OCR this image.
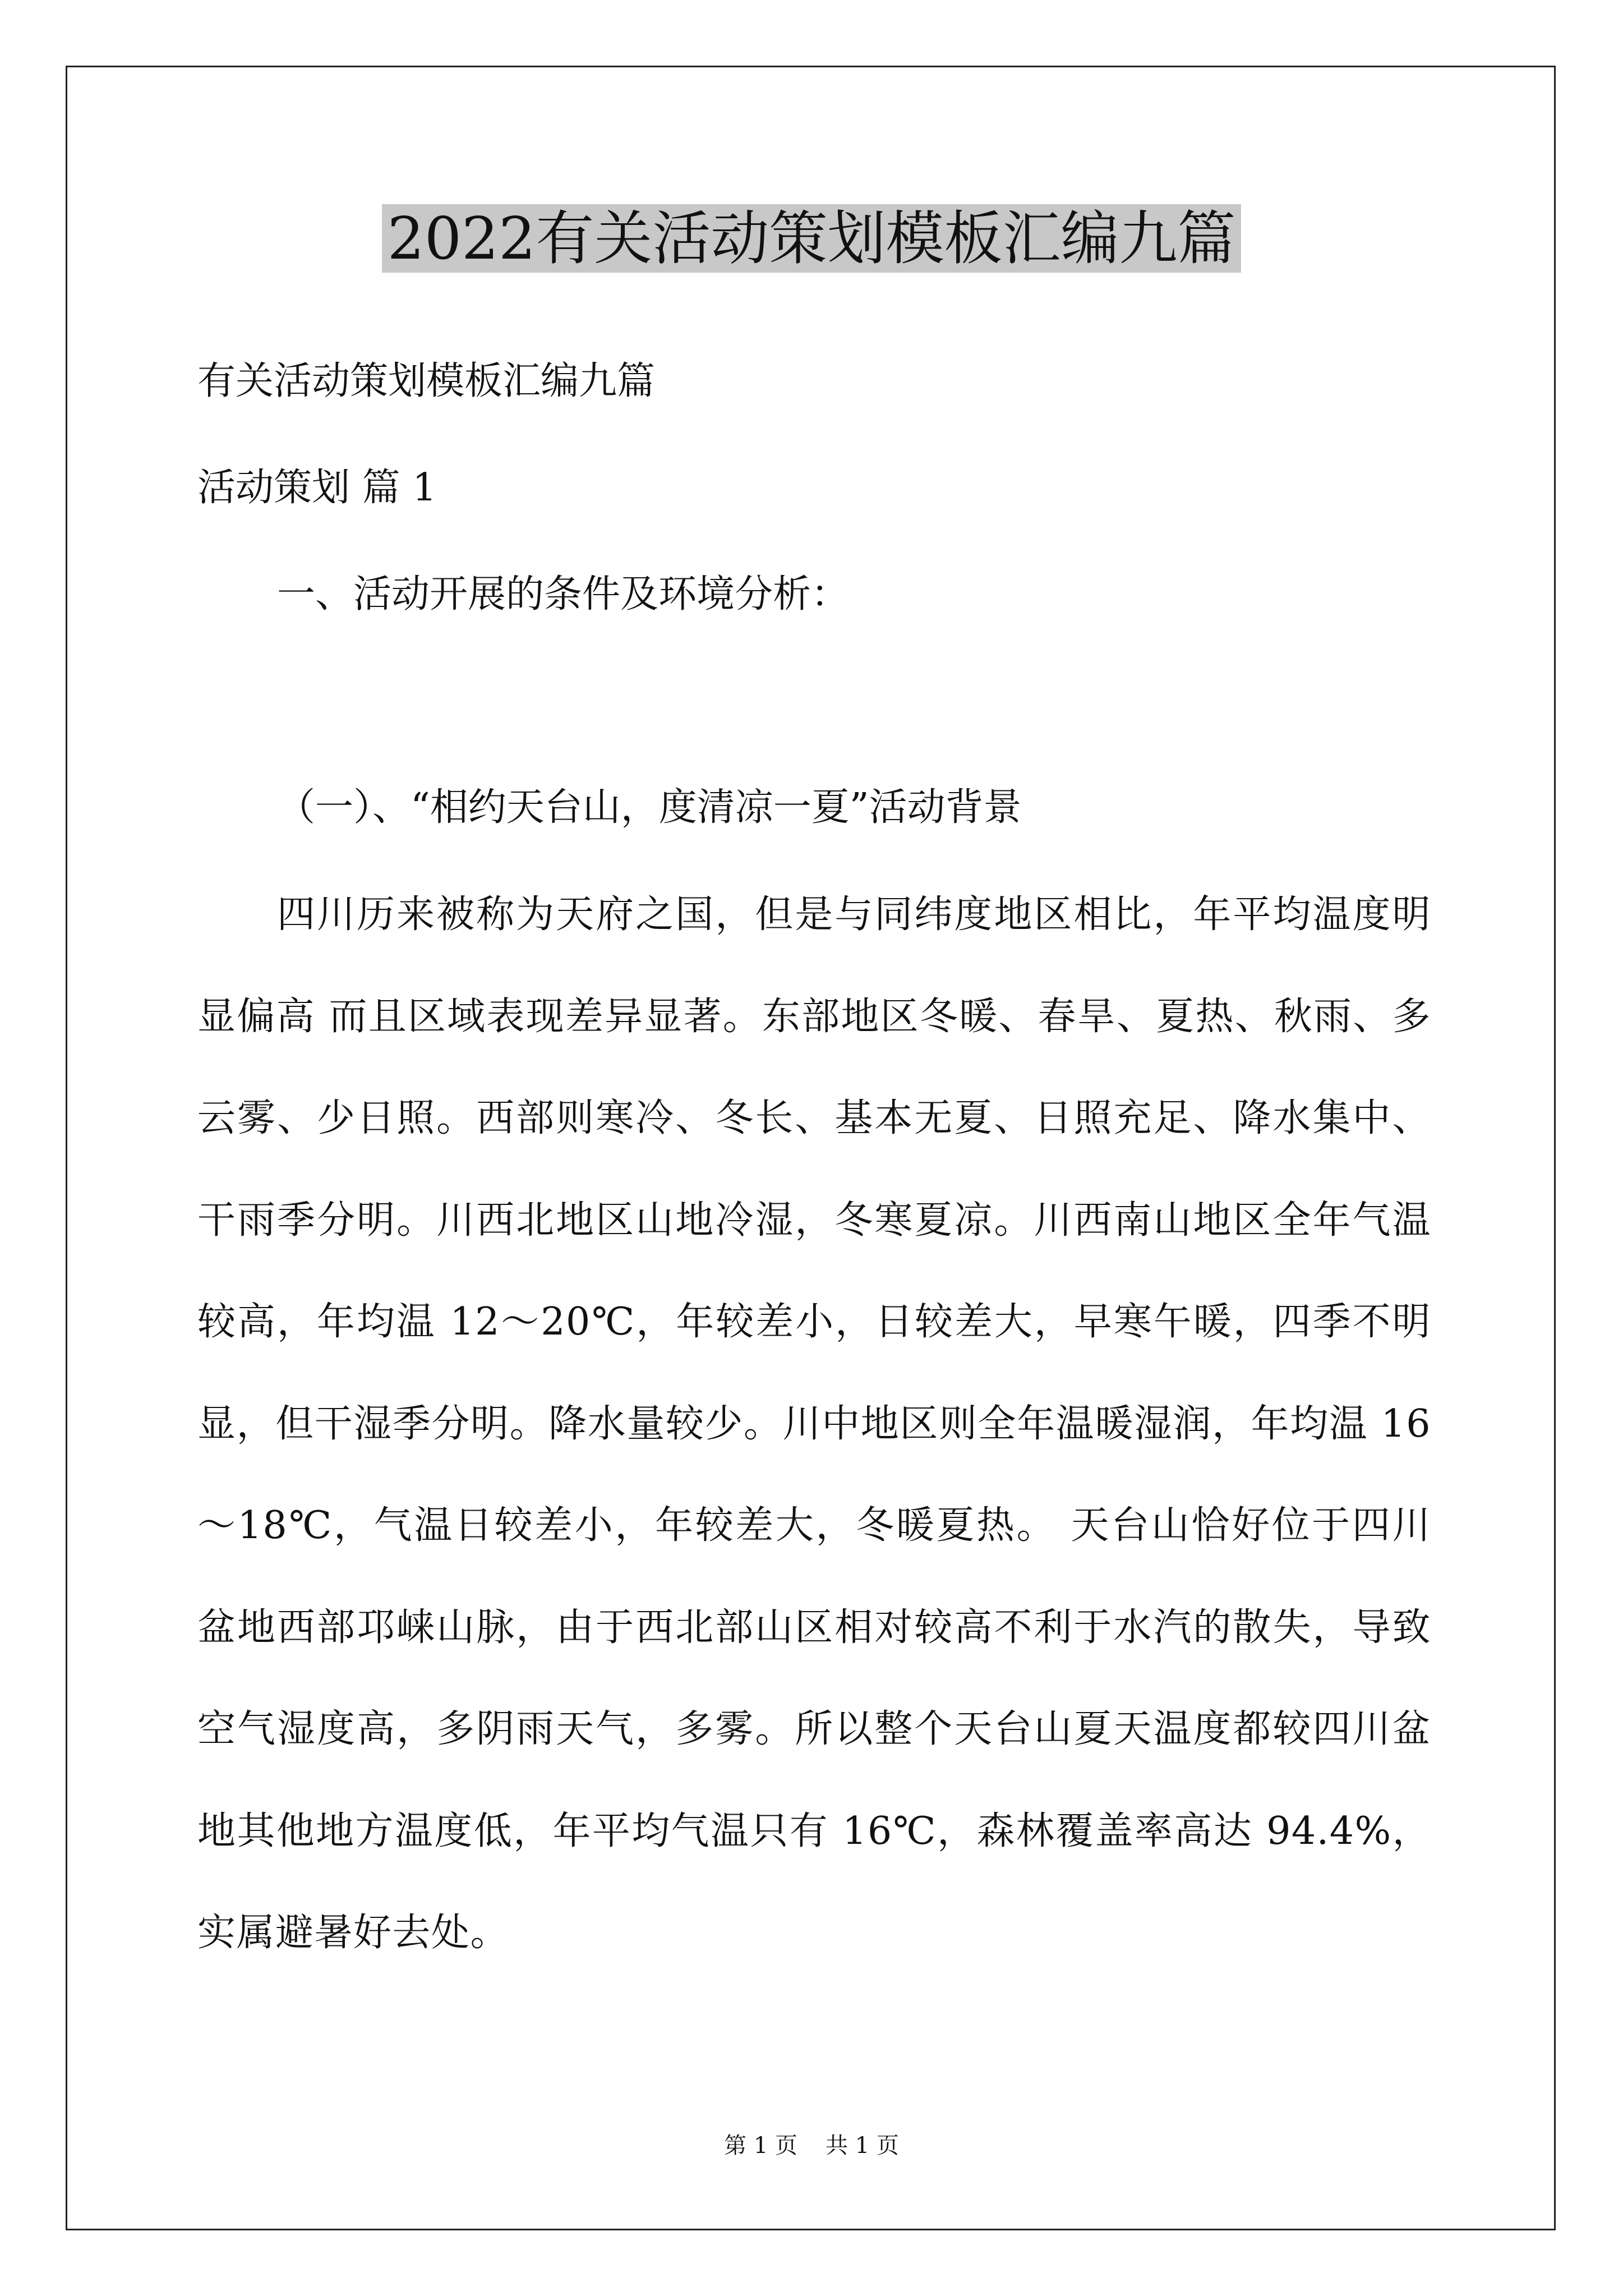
2022有关活动策划模板汇编九篇

有关活动策划模板汇编九篇

活动策划 篇 1

一、活动开展的条件及环境分析：

（一）、“相约天台山，度清凉一夏”活动背景

四川历来被称为天府之国，但是与同纬度地区相比，年平均温度明显偏高 而且区域表现差异显著。东部地区冬暖、春旱、夏热、秋雨、多云雾、少日照。西部则寒冷、冬长、基本无夏、日照充足、降水集中、干雨季分明。川西北地区山地冷湿，冬寒夏凉。川西南山地区全年气温较高，年均温 12～20℃，年较差小，日较差大，早寒午暖，四季不明显，但干湿季分明。降水量较少。川中地区则全年温暖湿润，年均温 16～18℃，气温日较差小，年较差大，冬暖夏热。 天台山恰好位于四川盆地西部邛崃山脉，由于西北部山区相对较高不利于水汽的散失，导致空气湿度高，多阴雨天气，多雾。所以整个天台山夏天温度都较四川盆地其他地方温度低，年平均气温只有 16℃，森林覆盖率高达 94.4%，实属避暑好去处。

第 1 页 共 1 页
